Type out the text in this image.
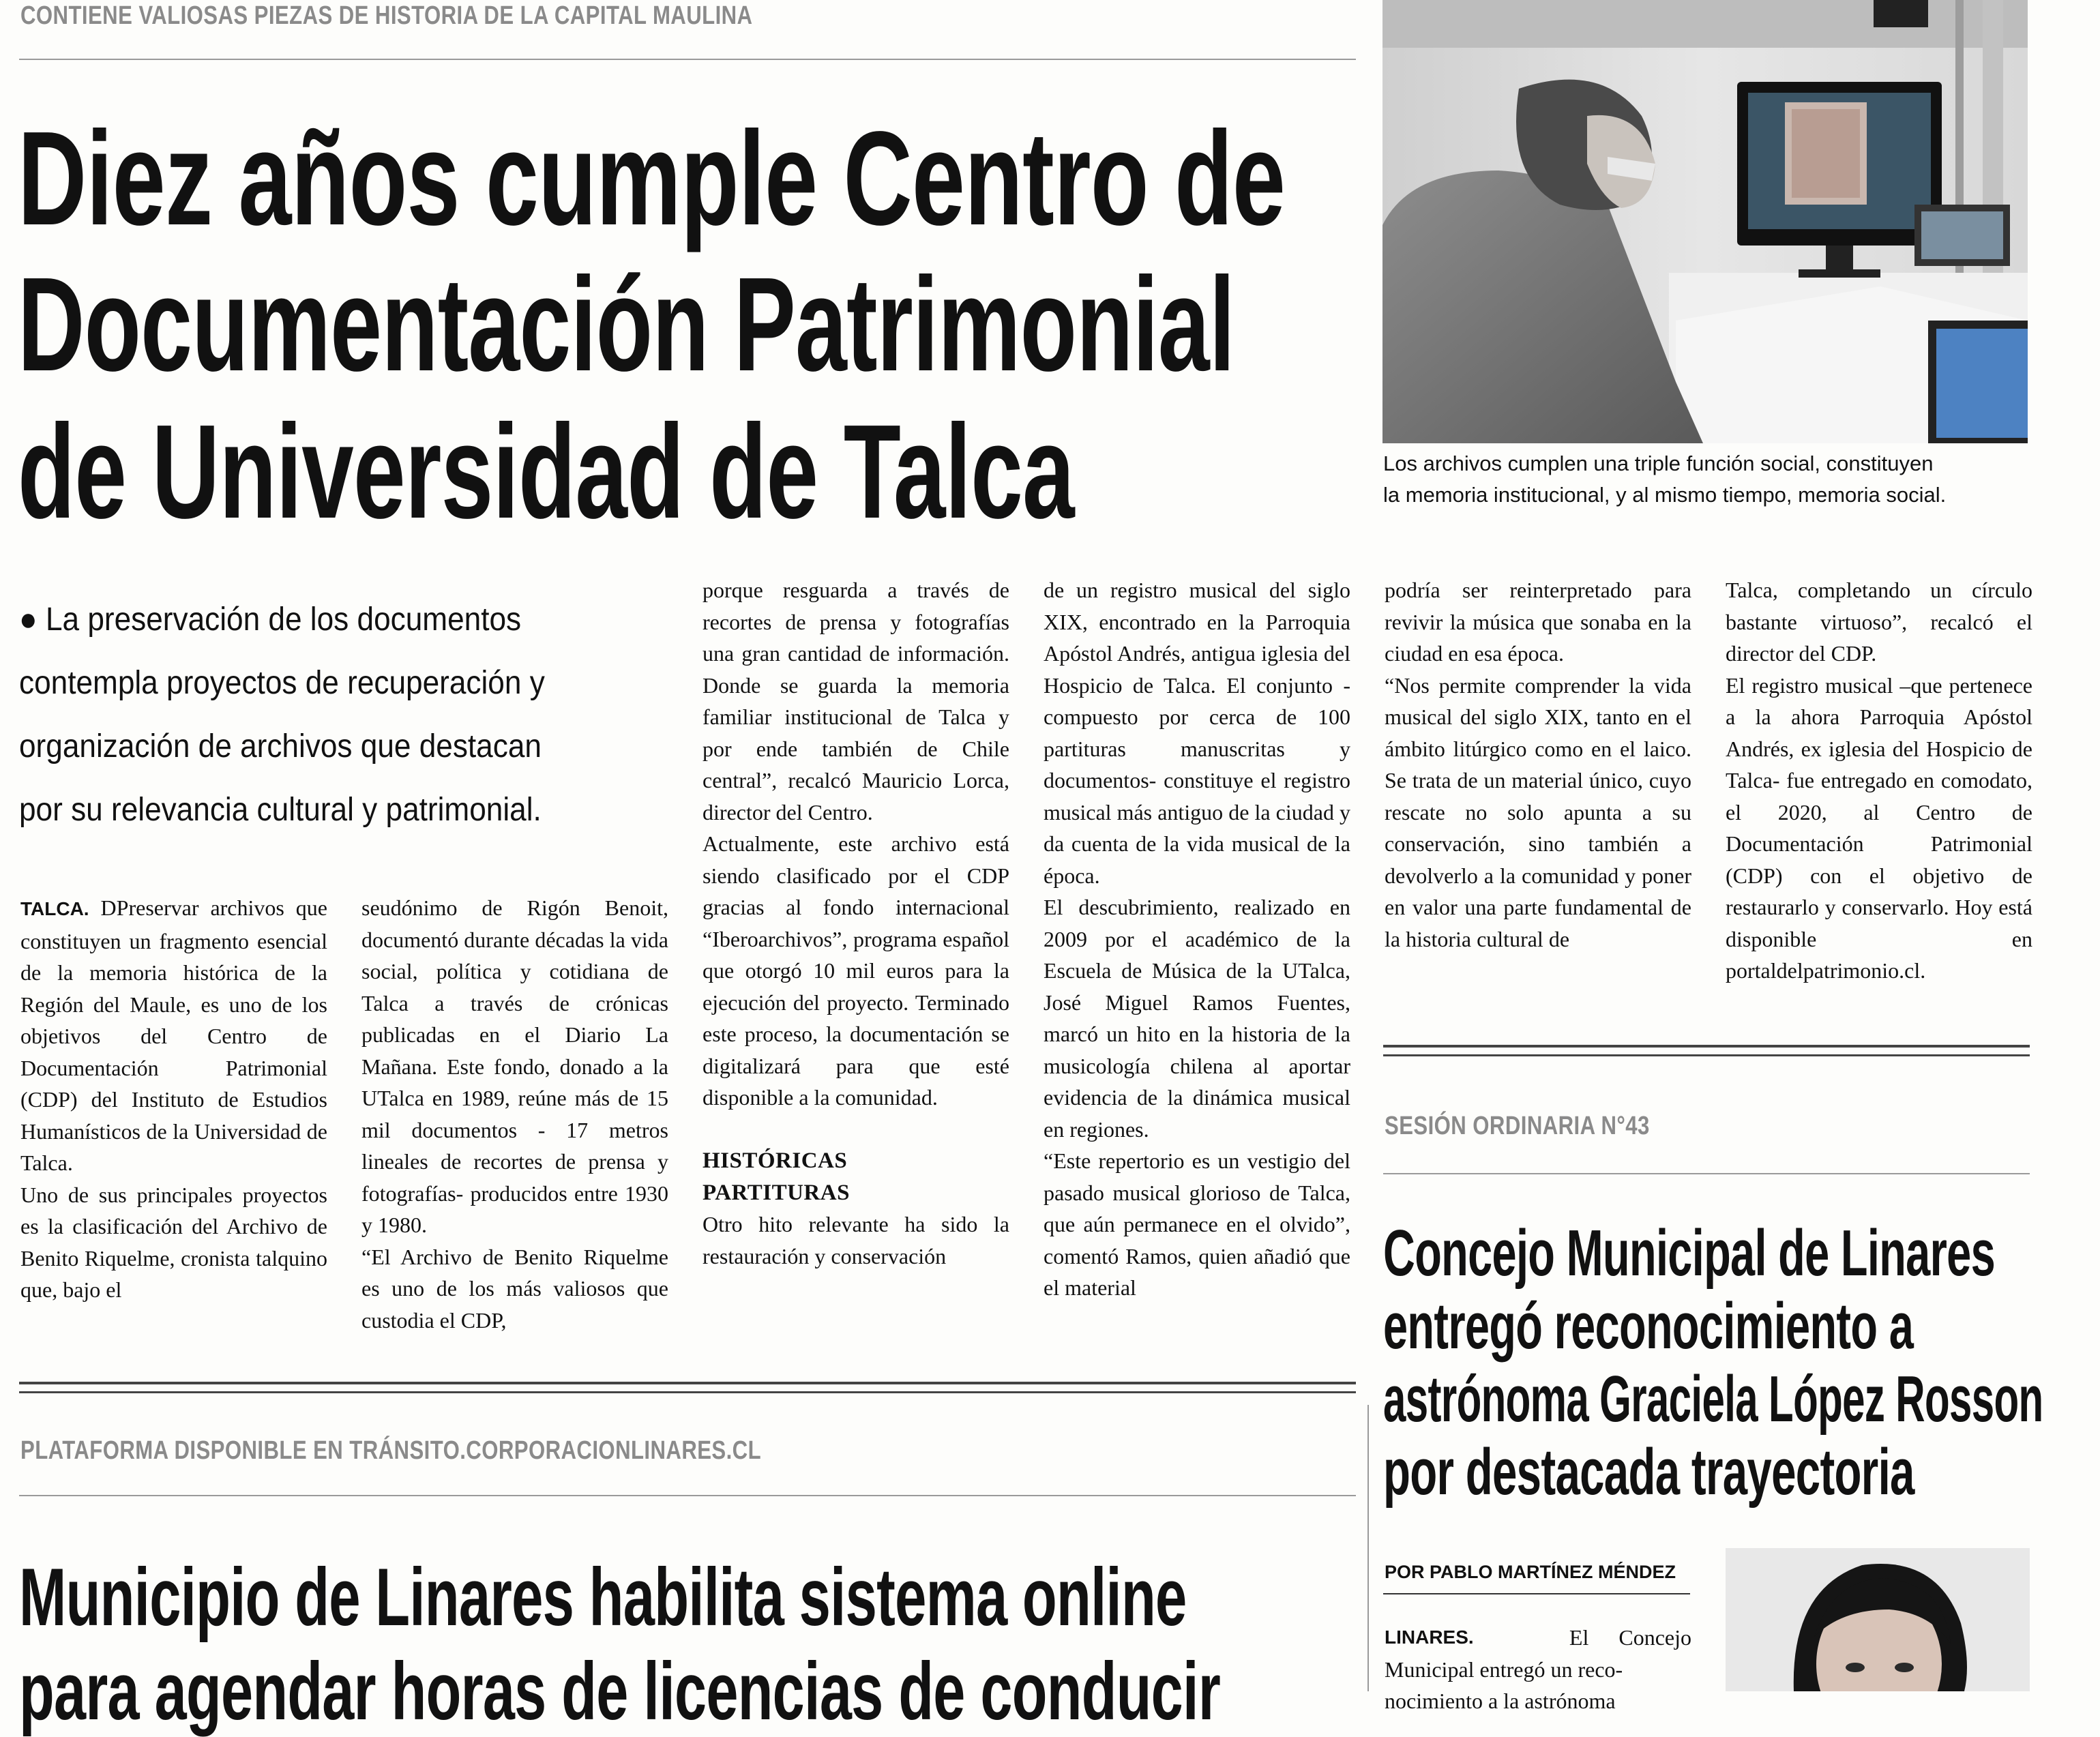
CONTIENE VALIOSAS PIEZAS DE HISTORIA DE LA CAPITAL MAULINA
Diez años cumple Centro de
Documentación Patrimonial
de Universidad de Talca	Los archivos cumplen una triple función social, constituyen
la memoria institucional, y al mismo tiempo, memoria social.
● La preservación de los documentos
contempla proyectos de recuperación y
organización de archivos que destacan
por su relevancia cultural y patrimonial.

TALCA. DPreservar archivos que constituyen un fragmento esencial de la memoria histórica de la Región del Maule, es uno de los objetivos del Centro de Documentación Patrimonial (CDP) del Instituto de Estudios Humanísticos de la Universidad de Talca.

Uno de sus principales proyectos es la clasificación del Archivo de Benito Riquelme, cronista talquino que, bajo el

seudónimo de Rigón Benoit, documentó durante décadas la vida social, política y cotidiana de Talca a través de crónicas publicadas en el Diario La Mañana. Este fondo, donado a la UTalca en 1989, reúne más de 15 mil documentos - 17 metros lineales de recortes de prensa y fotografías- producidos entre 1930 y 1980.

“El Archivo de Benito Riquelme es uno de los más valiosos que custodia el CDP,

porque resguarda a través de recortes de prensa y fotografías una gran cantidad de información. Donde se guarda la memoria familiar institucional de Talca y por ende también de Chile central”, recalcó Mauricio Lorca, director del Centro.

Actualmente, este archivo está siendo clasificado por el CDP gracias al fondo internacional “Iberoarchivos”, programa español que otorgó 10 mil euros para la ejecución del proyecto. Terminado este proceso, la documentación se digitalizará para que esté disponible a la comunidad.

HISTÓRICAS

PARTITURAS

Otro hito relevante ha sido la restauración y conservación

de un registro musical del siglo XIX, encontrado en la Parroquia Apóstol Andrés, antigua iglesia del Hospicio de Talca. El conjunto -compuesto por cerca de 100 partituras manuscritas y documentos- constituye el registro musical más antiguo de la ciudad y da cuenta de la vida musical de la época.

El descubrimiento, realizado en 2009 por el académico de la Escuela de Música de la UTalca, José Miguel Ramos Fuentes, marcó un hito en la historia de la musicología chilena al aportar evidencia de la dinámica musical en regiones.

“Este repertorio es un vestigio del pasado musical glorioso de Talca, que aún permanece en el olvido”, comentó Ramos, quien añadió que el material

podría ser reinterpretado para revivir la música que sonaba en la ciudad en esa época.

“Nos permite comprender la vida musical del siglo XIX, tanto en el ámbito litúrgico como en el laico. Se trata de un material único, cuyo rescate no solo apunta a su conservación, sino también a devolverlo a la comunidad y poner en valor una parte fundamental de la historia cultural de

Talca, completando un círculo bastante virtuoso”, recalcó el director del CDP.

El registro musical –que pertenece a la ahora Parroquia Apóstol Andrés, ex iglesia del Hospicio de Talca- fue entregado en comodato, el 2020, al Centro de Documentación Patrimonial (CDP) con el objetivo de restaurarlo y conservarlo. Hoy está disponible en portaldelpatrimonio.cl.

SESIÓN ORDINARIA N°43
Concejo Municipal de Linares
entregó reconocimiento a
astrónoma Graciela López Rosson
por destacada trayectoria
POR PABLO MARTÍNEZ MÉNDEZ

LINARES.	El Concejo

Municipal entregó un reco-

nocimiento a la astrónoma

PLATAFORMA DISPONIBLE EN TRÁNSITO.CORPORACIONLINARES.CL
Municipio de Linares habilita sistema online
para agendar horas de licencias de conducir
